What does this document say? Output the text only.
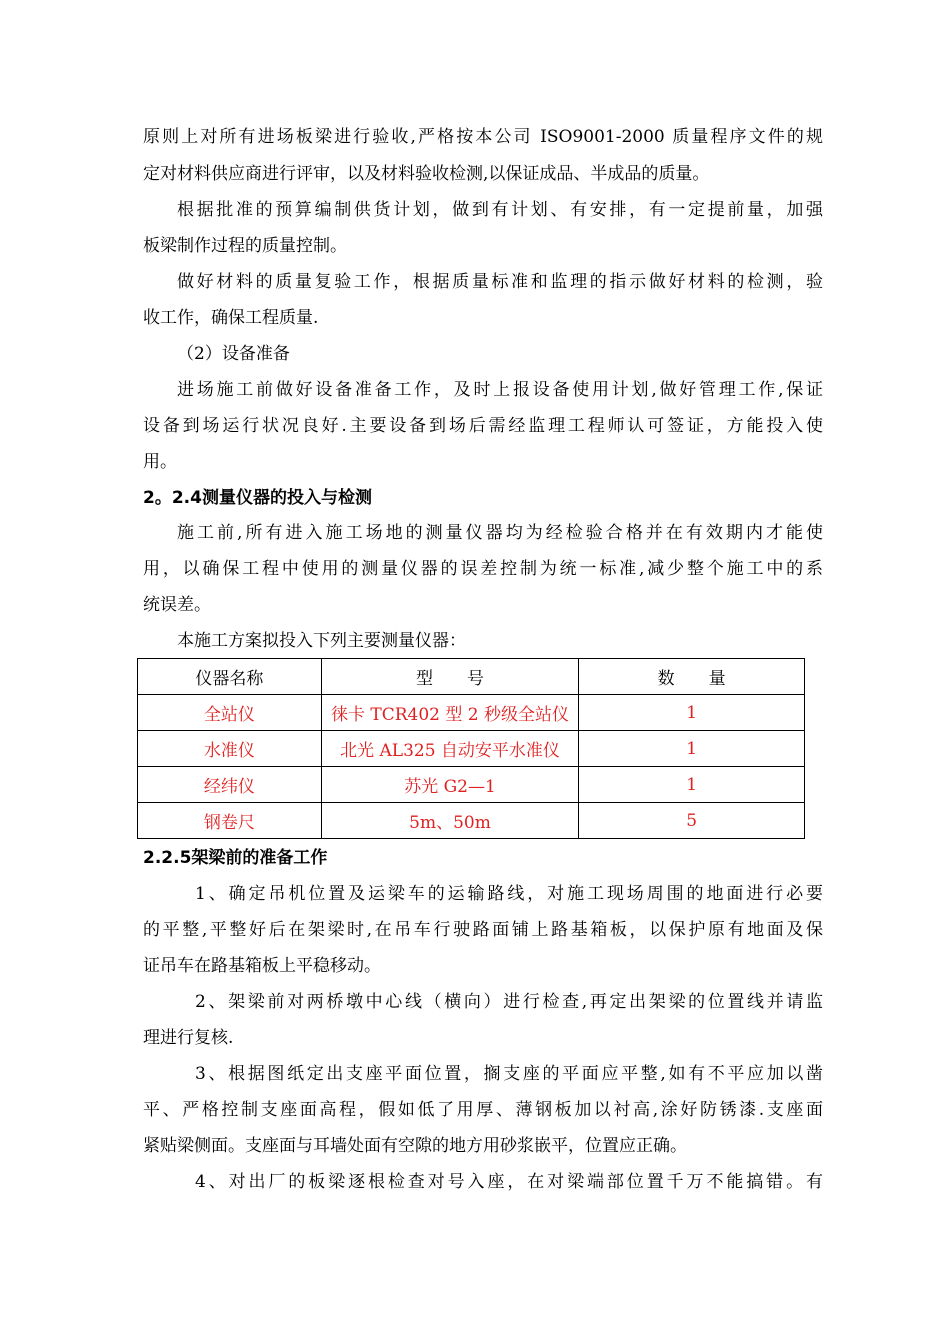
原则上对所有进场板梁进行验收,严格按本公司 ISO9001-2000 质量程序文件的规
定对材料供应商进行评审，以及材料验收检测,以保证成品、半成品的质量。
根据批准的预算编制供货计划，做到有计划、有安排，有一定提前量，加强
板梁制作过程的质量控制。
做好材料的质量复验工作，根据质量标准和监理的指示做好材料的检测，验
收工作，确保工程质量.
（2）设备准备
进场施工前做好设备准备工作，及时上报设备使用计划,做好管理工作,保证
设备到场运行状况良好.主要设备到场后需经监理工程师认可签证，方能投入使
用。
2。2.4测量仪器的投入与检测
施工前,所有进入施工场地的测量仪器均为经检验合格并在有效期内才能使
用，以确保工程中使用的测量仪器的误差控制为统一标准,减少整个施工中的系
统误差。
本施工方案拟投入下列主要测量仪器：
仪器名称	型　　号	数　　量
全站仪	徕卡 TCR402 型 2 秒级全站仪	1
水准仪	北光 AL325 自动安平水准仪	1
经纬仪	苏光 G2—1	1
钢卷尺	5m、50m	5
2.2.5架梁前的准备工作
1、确定吊机位置及运梁车的运输路线，对施工现场周围的地面进行必要
的平整,平整好后在架梁时,在吊车行驶路面铺上路基箱板，以保护原有地面及保
证吊车在路基箱板上平稳移动。
2、架梁前对两桥墩中心线（横向）进行检查,再定出架梁的位置线并请监
理进行复核.
3、根据图纸定出支座平面位置，搁支座的平面应平整,如有不平应加以凿
平、严格控制支座面高程，假如低了用厚、薄钢板加以衬高,涂好防锈漆.支座面
紧贴梁侧面。支座面与耳墙处面有空隙的地方用砂浆嵌平，位置应正确。
4、对出厂的板梁逐根检查对号入座，在对梁端部位置千万不能搞错。有
